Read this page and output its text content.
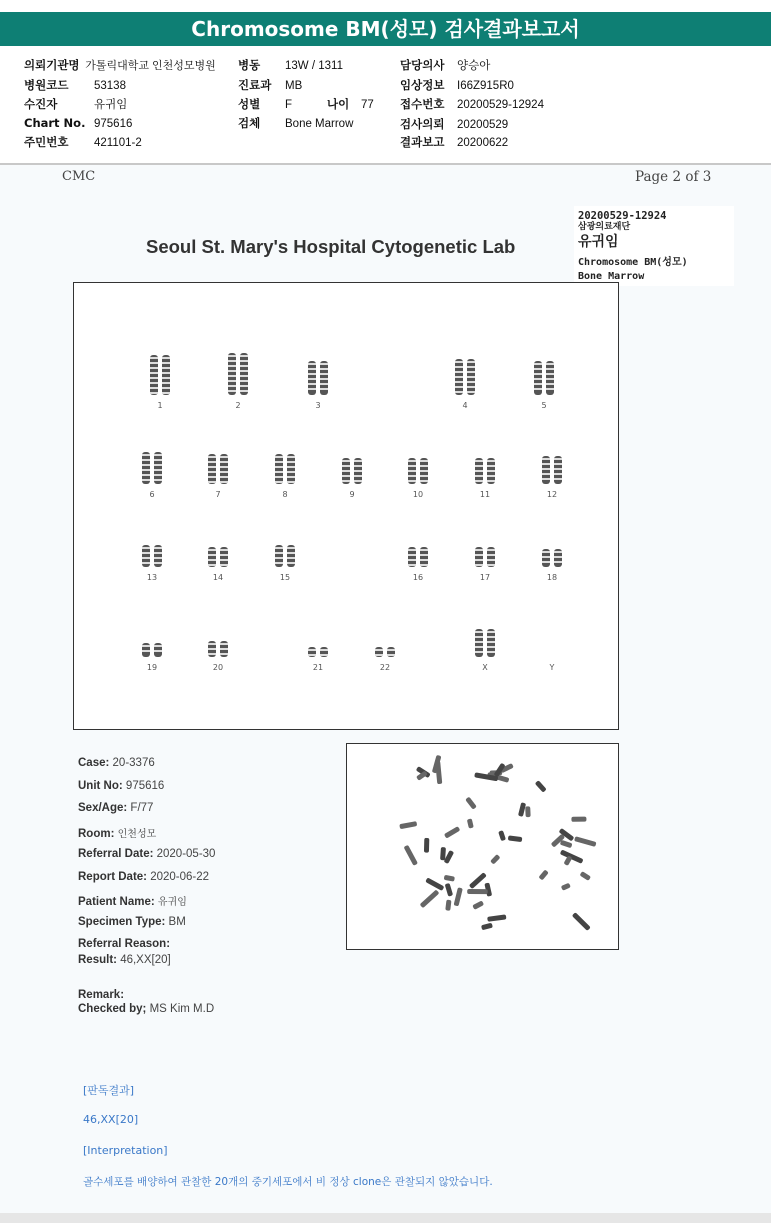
Chromosome BM(성모) 검사결과보고서
의뢰기관명 가톨릭대학교 인천성모병원
병원코드 53138
수진자	유귀임
Chart No. 975616
주민번호 421101-2
병동 13W / 1311
진료과 MB
성별 F	나이 77
검체 Bone Marrow
담당의사 양승아
임상정보 I66Z915R0
접수번호 20200529-12924
검사의뢰 20200529
결과보고 20200622
CMC	Page 2 of 3
20200529-12924
삼광의료재단
유귀임
Chromosome BM(성모)
Bone Marrow
Seoul St. Mary's Hospital Cytogenetic Lab
1	2	3	4	5
6	7	8	9	10	11	12
13	14	15	16	17	18
19	20	21	22	X	Y
Case: 20-3376
Unit No: 975616
Sex/Age: F/77
Room: 인천성모
Referral Date: 2020-05-30
Report Date: 2020-06-22
Patient Name: 유귀임
Specimen Type: BM
Referral Reason:
Result: 46,XX[20]
Remark:
Checked by; MS Kim M.D
[판독결과]
46,XX[20]
[Interpretation]
골수세포를 배양하여 관찰한 20개의 중기세포에서 비 정상 clone은 관찰되지 않았습니다.
